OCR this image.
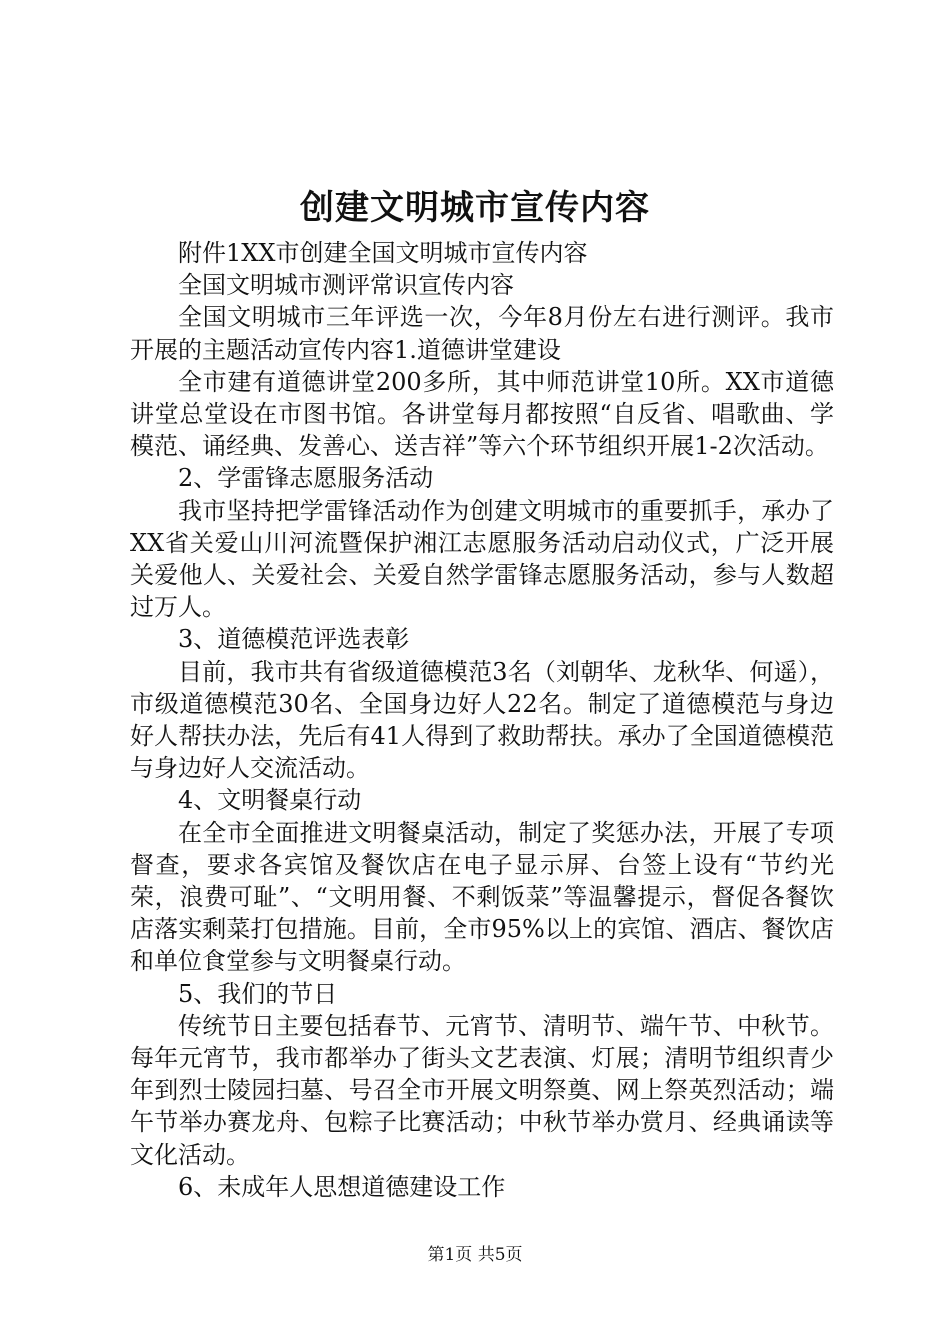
创建文明城市宣传内容

附件1XX市创建全国文明城市宣传内容

全国文明城市测评常识宣传内容

全国文明城市三年评选一次，今年8月份左右进行测评。我市开展的主题活动宣传内容1.道德讲堂建设

全市建有道德讲堂200多所，其中师范讲堂10所。XX市道德讲堂总堂设在市图书馆。各讲堂每月都按照“自反省、唱歌曲、学模范、诵经典、发善心、送吉祥”等六个环节组织开展1-2次活动。

2、学雷锋志愿服务活动

我市坚持把学雷锋活动作为创建文明城市的重要抓手，承办了XX省关爱山川河流暨保护湘江志愿服务活动启动仪式，广泛开展关爱他人、关爱社会、关爱自然学雷锋志愿服务活动，参与人数超过万人。

3、道德模范评选表彰

目前，我市共有省级道德模范3名（刘朝华、龙秋华、何遥），市级道德模范30名、全国身边好人22名。制定了道德模范与身边好人帮扶办法，先后有41人得到了救助帮扶。承办了全国道德模范与身边好人交流活动。

4、文明餐桌行动

在全市全面推进文明餐桌活动，制定了奖惩办法，开展了专项督查，要求各宾馆及餐饮店在电子显示屏、台签上设有“节约光荣，浪费可耻”、“文明用餐、不剩饭菜”等温馨提示，督促各餐饮店落实剩菜打包措施。目前，全市95%以上的宾馆、酒店、餐饮店和单位食堂参与文明餐桌行动。

5、我们的节日

传统节日主要包括春节、元宵节、清明节、端午节、中秋节。每年元宵节，我市都举办了街头文艺表演、灯展；清明节组织青少年到烈士陵园扫墓、号召全市开展文明祭奠、网上祭英烈活动；端午节举办赛龙舟、包粽子比赛活动；中秋节举办赏月、经典诵读等文化活动。

6、未成年人思想道德建设工作

第1页 共5页
